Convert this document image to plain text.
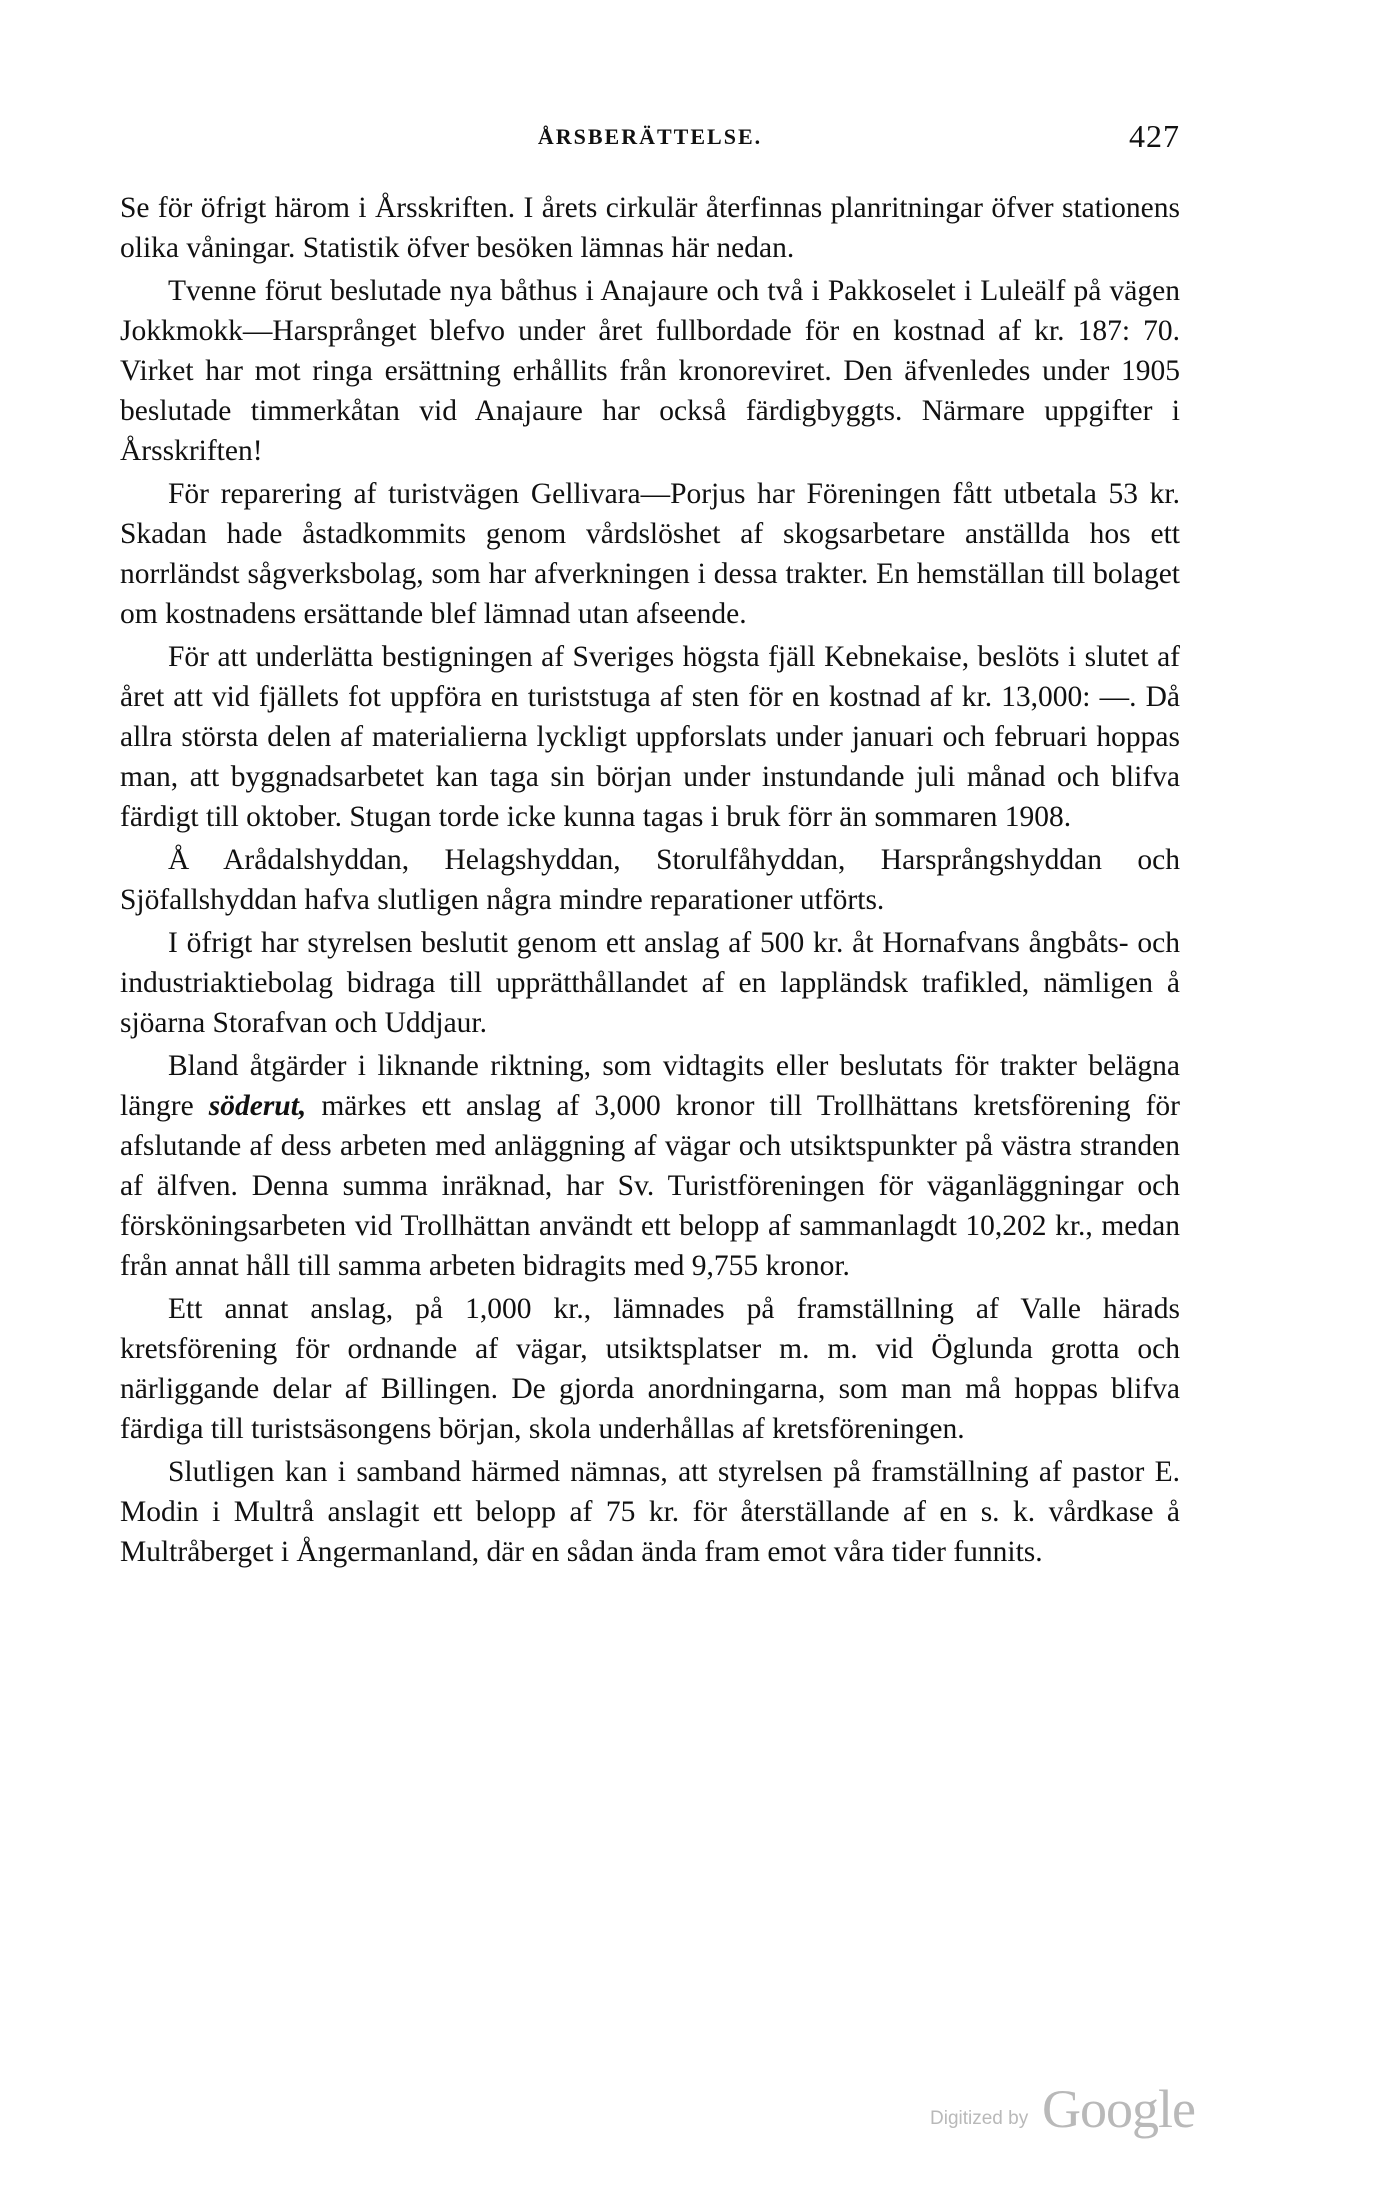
ÅRSBERÄTTELSE.	427

Se för öfrigt härom i Årsskriften. I årets cirkulär återfinnas planritningar öfver stationens olika våningar. Statistik öfver besöken lämnas här nedan.

Tvenne förut beslutade nya båthus i Anajaure och två i Pakkoselet i Luleälf på vägen Jokkmokk—Harsprånget blefvo under året fullbordade för en kostnad af kr. 187: 70. Virket har mot ringa ersättning erhållits från kronoreviret. Den äfvenledes under 1905 beslutade timmerkåtan vid Anajaure har också färdigbyggts. Närmare uppgifter i Årsskriften!

För reparering af turistvägen Gellivara—Porjus har Föreningen fått utbetala 53 kr. Skadan hade åstadkommits genom vårdslöshet af skogsarbetare anställda hos ett norrländst sågverksbolag, som har afverkningen i dessa trakter. En hemställan till bolaget om kostnadens ersättande blef lämnad utan afseende.

För att underlätta bestigningen af Sveriges högsta fjäll Kebnekaise, beslöts i slutet af året att vid fjällets fot uppföra en turiststuga af sten för en kostnad af kr. 13,000: —. Då allra största delen af materialierna lyckligt uppforslats under januari och februari hoppas man, att byggnadsarbetet kan taga sin början under instundande juli månad och blifva färdigt till oktober. Stugan torde icke kunna tagas i bruk förr än sommaren 1908.

Å Arådalshyddan, Helagshyddan, Storulfåhyddan, Harsprångshyddan och Sjöfallshyddan hafva slutligen några mindre reparationer utförts.

I öfrigt har styrelsen beslutit genom ett anslag af 500 kr. åt Hornafvans ångbåts- och industriaktiebolag bidraga till upprätthållandet af en lappländsk trafikled, nämligen å sjöarna Storafvan och Uddjaur.

Bland åtgärder i liknande riktning, som vidtagits eller beslutats för trakter belägna längre söderut, märkes ett anslag af 3,000 kronor till Trollhättans kretsförening för afslutande af dess arbeten med anläggning af vägar och utsiktspunkter på västra stranden af älfven. Denna summa inräknad, har Sv. Turistföreningen för väganläggningar och försköningsarbeten vid Trollhättan användt ett belopp af sammanlagdt 10,202 kr., medan från annat håll till samma arbeten bidragits med 9,755 kronor.

Ett annat anslag, på 1,000 kr., lämnades på framställning af Valle härads kretsförening för ordnande af vägar, utsiktsplatser m. m. vid Öglunda grotta och närliggande delar af Billingen. De gjorda anordningarna, som man må hoppas blifva färdiga till turistsäsongens början, skola underhållas af kretsföreningen.

Slutligen kan i samband härmed nämnas, att styrelsen på framställning af pastor E. Modin i Multrå anslagit ett belopp af 75 kr. för återställande af en s. k. vårdkase å Multråberget i Ångermanland, där en sådan ända fram emot våra tider funnits.

Digitized by Google
